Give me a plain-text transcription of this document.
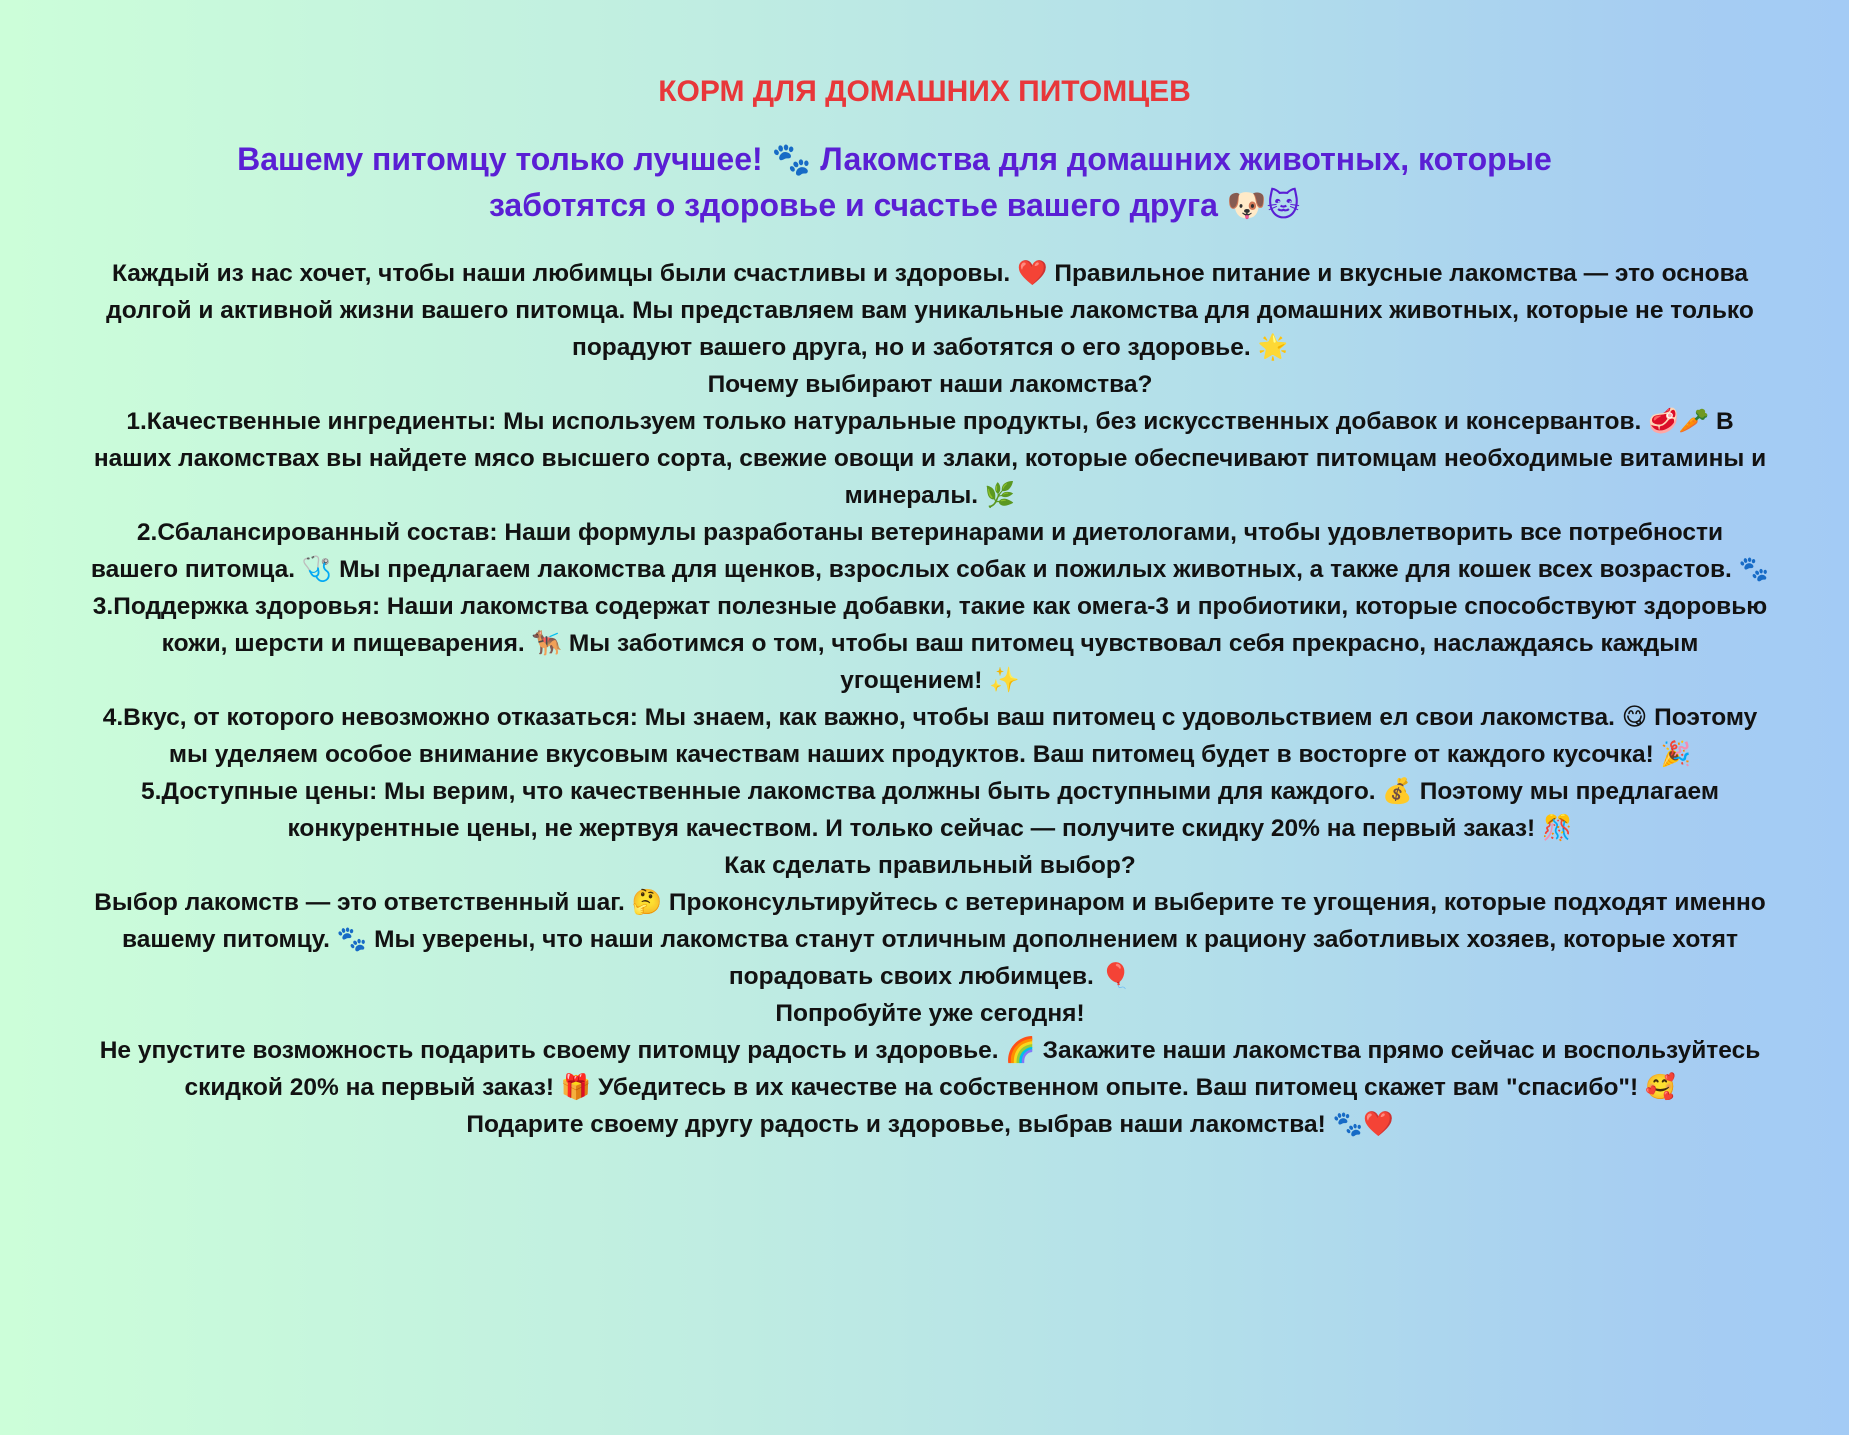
КОРМ ДЛЯ ДОМАШНИХ ПИТОМЦЕВ
Вашему питомцу только лучшее! 🐾 Лакомства для домашних животных, которые заботятся о здоровье и счастье вашего друга 🐶🐱

Каждый из нас хочет, чтобы наши любимцы были счастливы и здоровы. ❤️ Правильное питание и вкусные лакомства — это основа долгой и активной жизни вашего питомца. Мы представляем вам уникальные лакомства для домашних животных, которые не только порадуют вашего друга, но и заботятся о его здоровье. 🌟

Почему выбирают наши лакомства?

1.Качественные ингредиенты: Мы используем только натуральные продукты, без искусственных добавок и консервантов. 🥩🥕 В наших лакомствах вы найдете мясо высшего сорта, свежие овощи и злаки, которые обеспечивают питомцам необходимые витамины и минералы. 🌿

2.Сбалансированный состав: Наши формулы разработаны ветеринарами и диетологами, чтобы удовлетворить все потребности вашего питомца. 🩺 Мы предлагаем лакомства для щенков, взрослых собак и пожилых животных, а также для кошек всех возрастов. 🐾

3.Поддержка здоровья: Наши лакомства содержат полезные добавки, такие как омега-3 и пробиотики, которые способствуют здоровью кожи, шерсти и пищеварения. 🐕‍🦺 Мы заботимся о том, чтобы ваш питомец чувствовал себя прекрасно, наслаждаясь каждым угощением! ✨

4.Вкус, от которого невозможно отказаться: Мы знаем, как важно, чтобы ваш питомец с удовольствием ел свои лакомства. 😋 Поэтому мы уделяем особое внимание вкусовым качествам наших продуктов. Ваш питомец будет в восторге от каждого кусочка! 🎉

5.Доступные цены: Мы верим, что качественные лакомства должны быть доступными для каждого. 💰 Поэтому мы предлагаем конкурентные цены, не жертвуя качеством. И только сейчас — получите скидку 20% на первый заказ! 🎊

Как сделать правильный выбор?

Выбор лакомств — это ответственный шаг. 🤔 Проконсультируйтесь с ветеринаром и выберите те угощения, которые подходят именно вашему питомцу. 🐾 Мы уверены, что наши лакомства станут отличным дополнением к рациону заботливых хозяев, которые хотят порадовать своих любимцев. 🎈

Попробуйте уже сегодня!

Не упустите возможность подарить своему питомцу радость и здоровье. 🌈 Закажите наши лакомства прямо сейчас и воспользуйтесь скидкой 20% на первый заказ! 🎁 Убедитесь в их качестве на собственном опыте. Ваш питомец скажет вам "спасибо"! 🥰

Подарите своему другу радость и здоровье, выбрав наши лакомства! 🐾❤️
